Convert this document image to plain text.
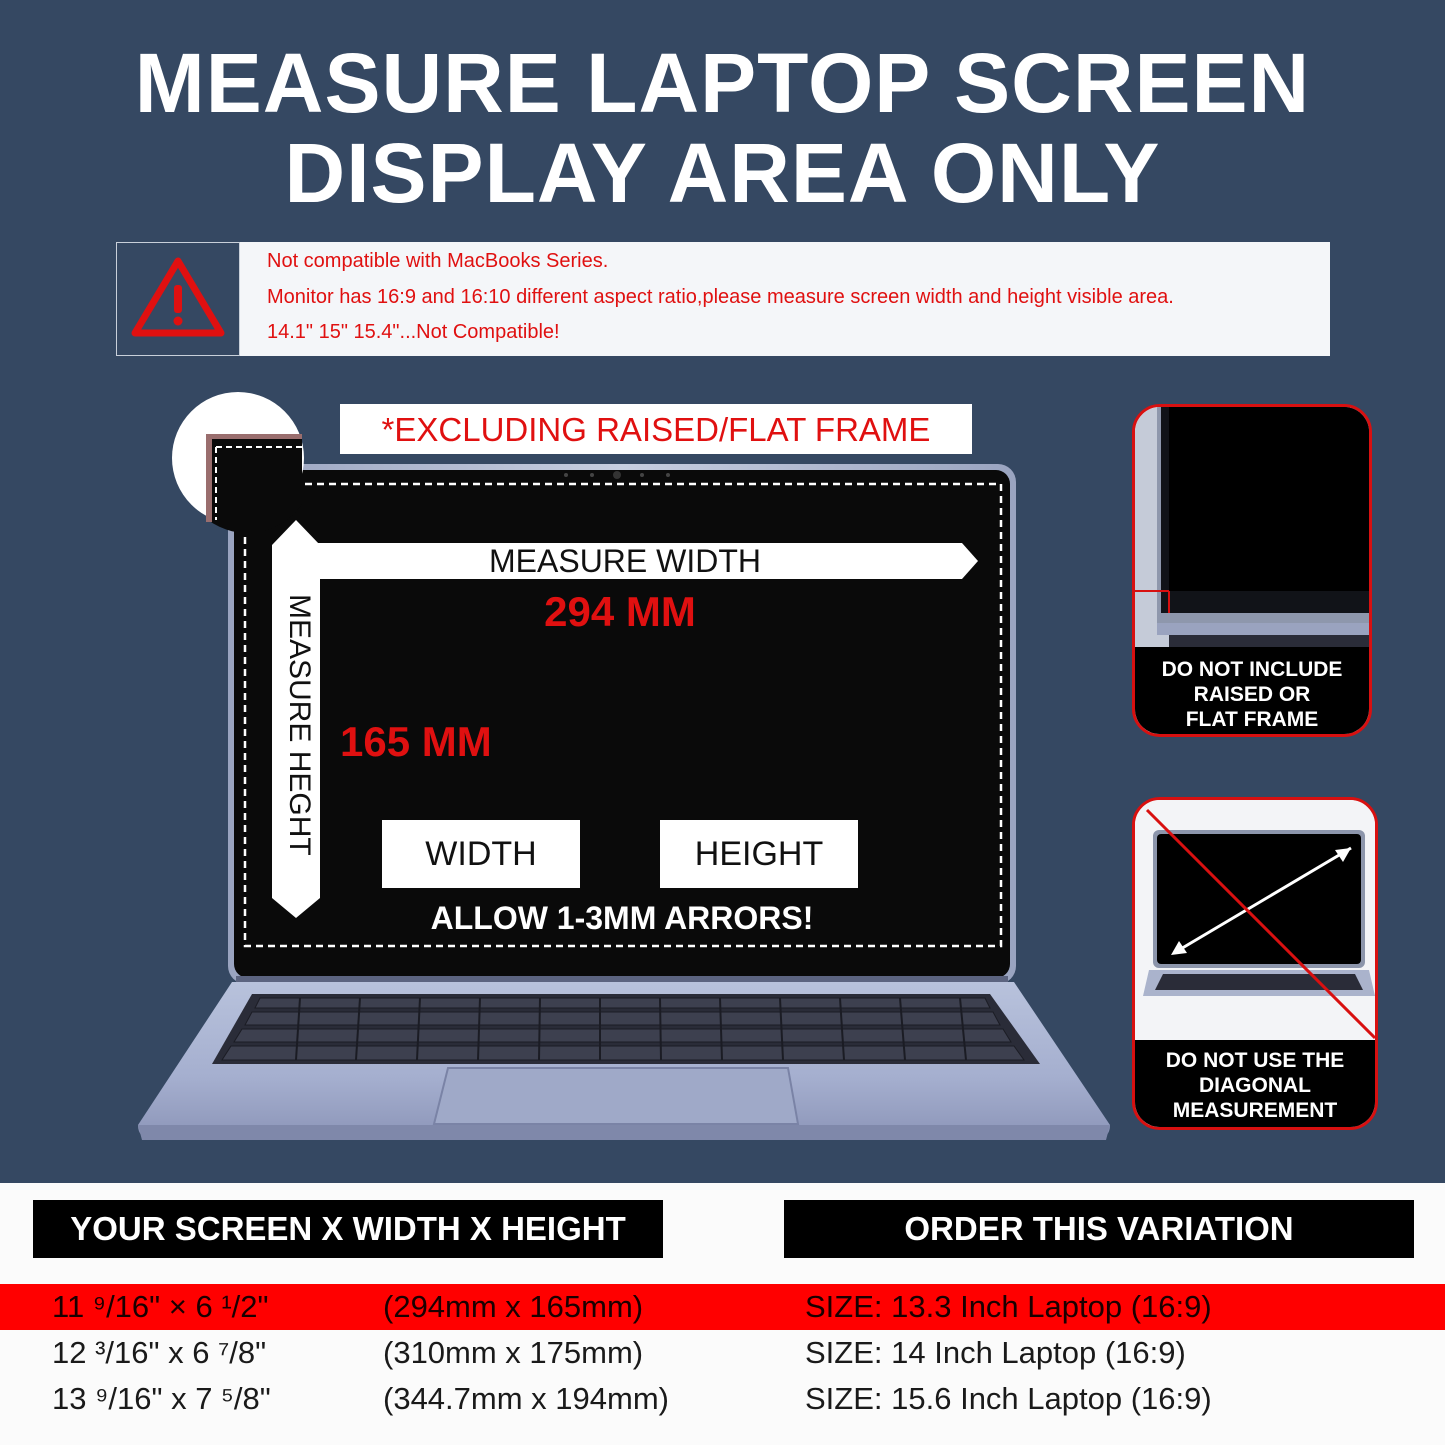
MEASURE LAPTOP SCREEN
DISPLAY AREA ONLY
Not compatible with MacBooks Series.
Monitor has 16:9 and 16:10 different aspect ratio,please measure screen width and height visible area.
14.1" 15" 15.4"...Not Compatible!
*EXCLUDING RAISED/FLAT FRAME
MEASURE WIDTH
294 MM
MEASURE HEGHT 165 MM
WIDTH	HEIGHT
ALLOW 1-3MM ARRORS!
DO NOT INCLUDE
RAISED OR
FLAT FRAME
DO NOT USE THE
DIAGONAL
MEASUREMENT
YOUR SCREEN X WIDTH X HEIGHT	ORDER THIS VARIATION
11 ⁹/16" × 6 ¹/2"	(294mm x 165mm)	SIZE: 13.3 Inch Laptop (16:9)
12 ³/16" x 6 ⁷/8"	(310mm x 175mm)	SIZE: 14 Inch Laptop (16:9)
13 ⁹/16" x 7 ⁵/8"	(344.7mm x 194mm)	SIZE: 15.6 Inch Laptop (16:9)
